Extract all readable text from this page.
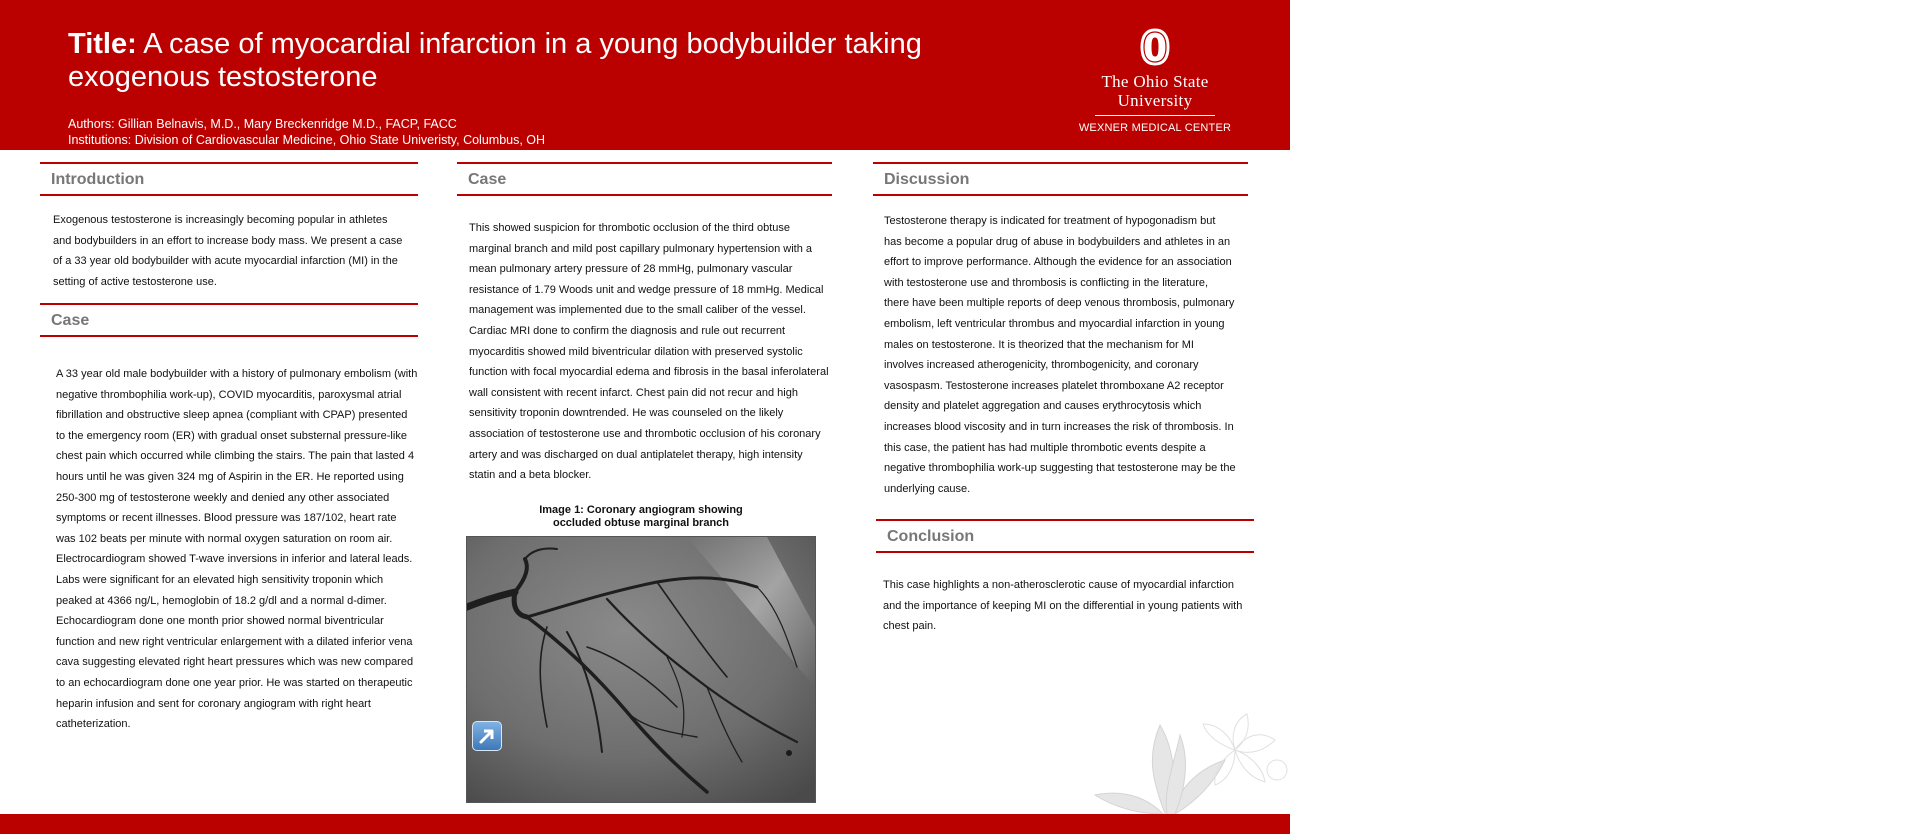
Title: A case of myocardial infarction in a young bodybuilder taking exogenous testosterone
Authors: Gillian Belnavis, M.D., Mary Breckenridge M.D., FACP, FACC
Institutions: Division of Cardiovascular Medicine, Ohio State Univeristy, Columbus, OH
The Ohio State
University
WEXNER MEDICAL CENTER
Introduction
Exogenous testosterone is increasingly becoming popular in athletes and bodybuilders in an effort to increase body mass. We present a case of a 33 year old bodybuilder with acute myocardial infarction (MI) in the setting of active testosterone use.
Case
A 33 year old male bodybuilder with a history of pulmonary embolism (with negative thrombophilia work-up), COVID myocarditis, paroxysmal atrial fibrillation and obstructive sleep apnea (compliant with CPAP) presented to the emergency room (ER) with gradual onset substernal pressure-like chest pain which occurred while climbing the stairs. The pain that lasted 4 hours until he was given 324 mg of Aspirin in the ER. He reported using 250-300 mg of testosterone weekly and denied any other associated symptoms or recent illnesses. Blood pressure was 187/102, heart rate was 102 beats per minute with normal oxygen saturation on room air. Electrocardiogram showed T-wave inversions in inferior and lateral leads. Labs were significant for an elevated high sensitivity troponin which peaked at 4366 ng/L, hemoglobin of 18.2 g/dl and a normal d-dimer. Echocardiogram done one month prior showed normal biventricular function and new right ventricular enlargement with a dilated inferior vena cava suggesting elevated right heart pressures which was new compared to an echocardiogram done one year prior. He was started on therapeutic heparin infusion and sent for coronary angiogram with right heart catheterization.
Case
This showed suspicion for thrombotic occlusion of the third obtuse marginal branch and mild post capillary pulmonary hypertension with a mean pulmonary artery pressure of 28 mmHg, pulmonary vascular resistance of 1.79 Woods unit and wedge pressure of 18 mmHg. Medical management was implemented due to the small caliber of the vessel. Cardiac MRI done to confirm the diagnosis and rule out recurrent myocarditis showed mild biventricular dilation with preserved systolic function with focal myocardial edema and fibrosis in the basal inferolateral wall consistent with recent infarct. Chest pain did not recur and high sensitivity troponin downtrended. He was counseled on the likely association of testosterone use and thrombotic occlusion of his coronary artery and was discharged on dual antiplatelet therapy, high intensity statin and a beta blocker.
Image 1: Coronary angiogram showing
occluded obtuse marginal branch
Discussion
Testosterone therapy is indicated for treatment of hypogonadism but has become a popular drug of abuse in bodybuilders and athletes in an effort to improve performance. Although the evidence for an association with testosterone use and thrombosis is conflicting in the literature, there have been multiple reports of deep venous thrombosis, pulmonary embolism, left ventricular thrombus and myocardial infarction in young males on testosterone. It is theorized that the mechanism for MI involves increased atherogenicity, thrombogenicity, and coronary vasospasm. Testosterone increases platelet thromboxane A2 receptor density and platelet aggregation and causes erythrocytosis which increases blood viscosity and in turn increases the risk of thrombosis. In this case, the patient has had multiple thrombotic events despite a negative thrombophilia work-up suggesting that testosterone may be the underlying cause.
Conclusion
This case highlights a non-atherosclerotic cause of myocardial infarction and the importance of keeping MI on the differential in young patients with chest pain.
